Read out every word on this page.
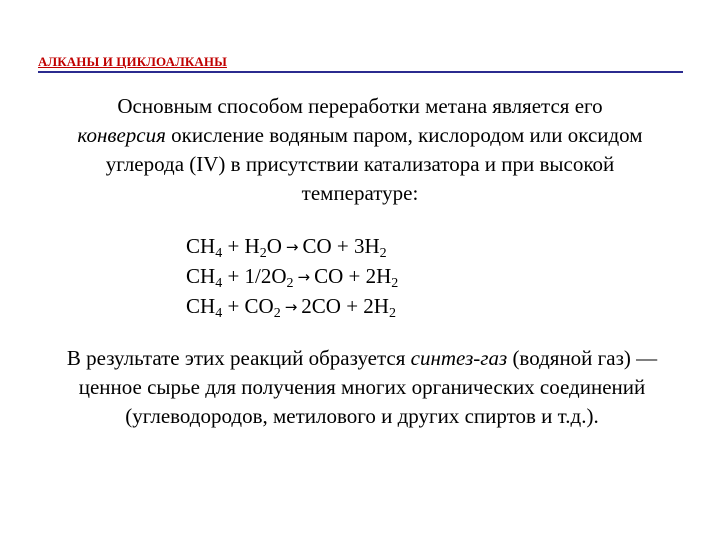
АЛКАНЫ И ЦИКЛОАЛКАНЫ
Основным способом переработки метана является его
конверсия окисление водяным паром, кислородом или оксидом углерода (IV) в присутствии катализатора и при высокой температуре:
$CH_4 + H_2O$ → CO + $3H_2$
$CH_4 + 1/2O_2$ → CO + $2H_2$
$CH_4 + CO_2 \to 2CO + 2H_2$
В результате этих реакций образуется синтез-газ (водяной газ) — ценное сырье для получения многих органических соединений (углеводородов, метилового и других спиртов и т.д.).
